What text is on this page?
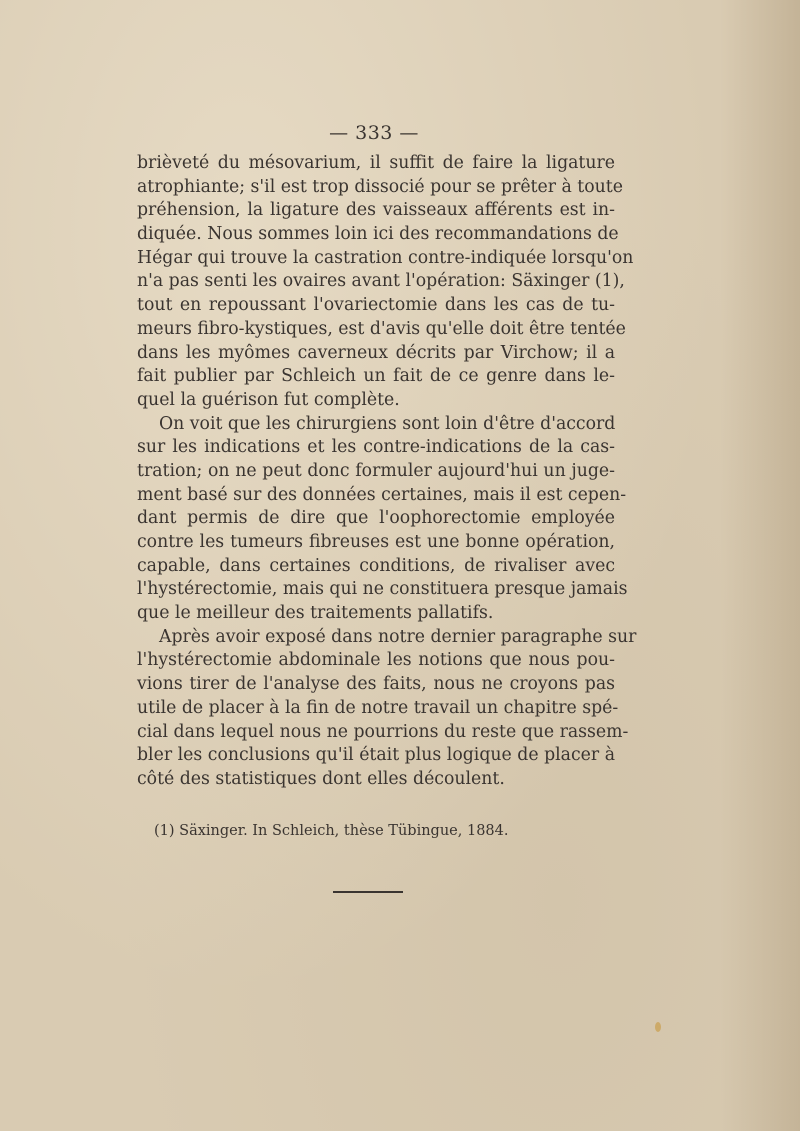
— 333 —
brièveté du mésovarium, il suffit de faire la ligature
atrophiante; s'il est trop dissocié pour se prêter à toute
préhension, la ligature des vaisseaux afférents est in-
diquée. Nous sommes loin ici des recommandations de
Hégar qui trouve la castration contre-indiquée lorsqu'on
n'a pas senti les ovaires avant l'opération: Säxinger (1),
tout en repoussant l'ovariectomie dans les cas de tu-
meurs fibro-kystiques, est d'avis qu'elle doit être tentée
dans les myômes caverneux décrits par Virchow; il a
fait publier par Schleich un fait de ce genre dans le-
quel la guérison fut complète.
On voit que les chirurgiens sont loin d'être d'accord
sur les indications et les contre-indications de la cas-
tration; on ne peut donc formuler aujourd'hui un juge-
ment basé sur des données certaines, mais il est cepen-
dant permis de dire que l'oophorectomie employée
contre les tumeurs fibreuses est une bonne opération,
capable, dans certaines conditions, de rivaliser avec
l'hystérectomie, mais qui ne constituera presque jamais
que le meilleur des traitements pallatifs.
Après avoir exposé dans notre dernier paragraphe sur
l'hystérectomie abdominale les notions que nous pou-
vions tirer de l'analyse des faits, nous ne croyons pas
utile de placer à la fin de notre travail un chapitre spé-
cial dans lequel nous ne pourrions du reste que rassem-
bler les conclusions qu'il était plus logique de placer à
côté des statistiques dont elles découlent.
(1) Säxinger. In Schleich, thèse Tübingue, 1884.
